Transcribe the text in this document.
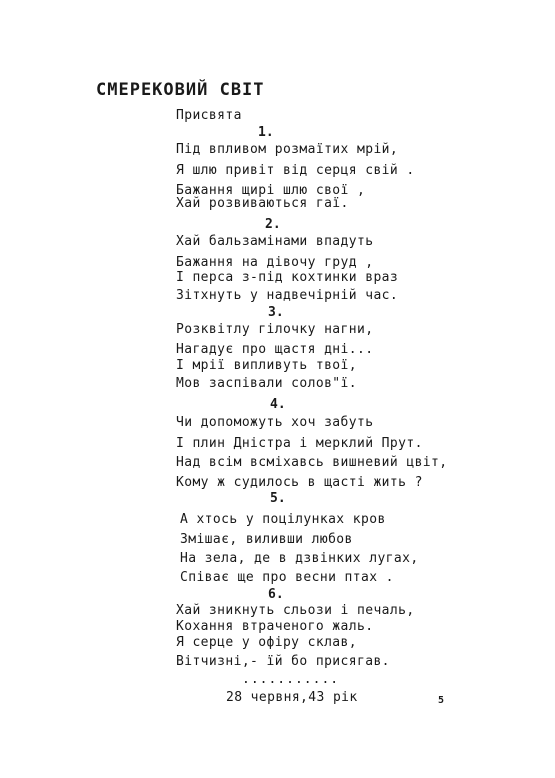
СМЕРЕКОВИЙ СВІТ
Присвята
1.
Під впливом розмаїтих мрій,
Я шлю привіт від серця свій .
Бажання щирі шлю свої ,
Хай розвиваються гаї.
2.
Хай бальзамінами впадуть
Бажання на дівочу груд ,
І перса з-під кохтинки враз
Зітхнуть у надвечірній час.
3.
Розквітлу гілочку нагни,
Нагадує про щастя дні...
І мрії випливуть твої,
Мов заспівали солов"ї.
4.
Чи допоможуть хоч забуть
І плин Дністра і мерклий Прут.
Над всім всміхавсь вишневий цвіт,
Кому ж судилось в щасті жить ?
5.
А хтось у поцілунках кров
Змішає, виливши любов
На зела, де в дзвінких лугах,
Співає ще про весни птах .
6.
Хай зникнуть сльози і печаль,
Кохання втраченого жаль.
Я серце у офіру склав,
Вітчизні,- їй бо присягав.
...........
28 червня,43 рік	5
